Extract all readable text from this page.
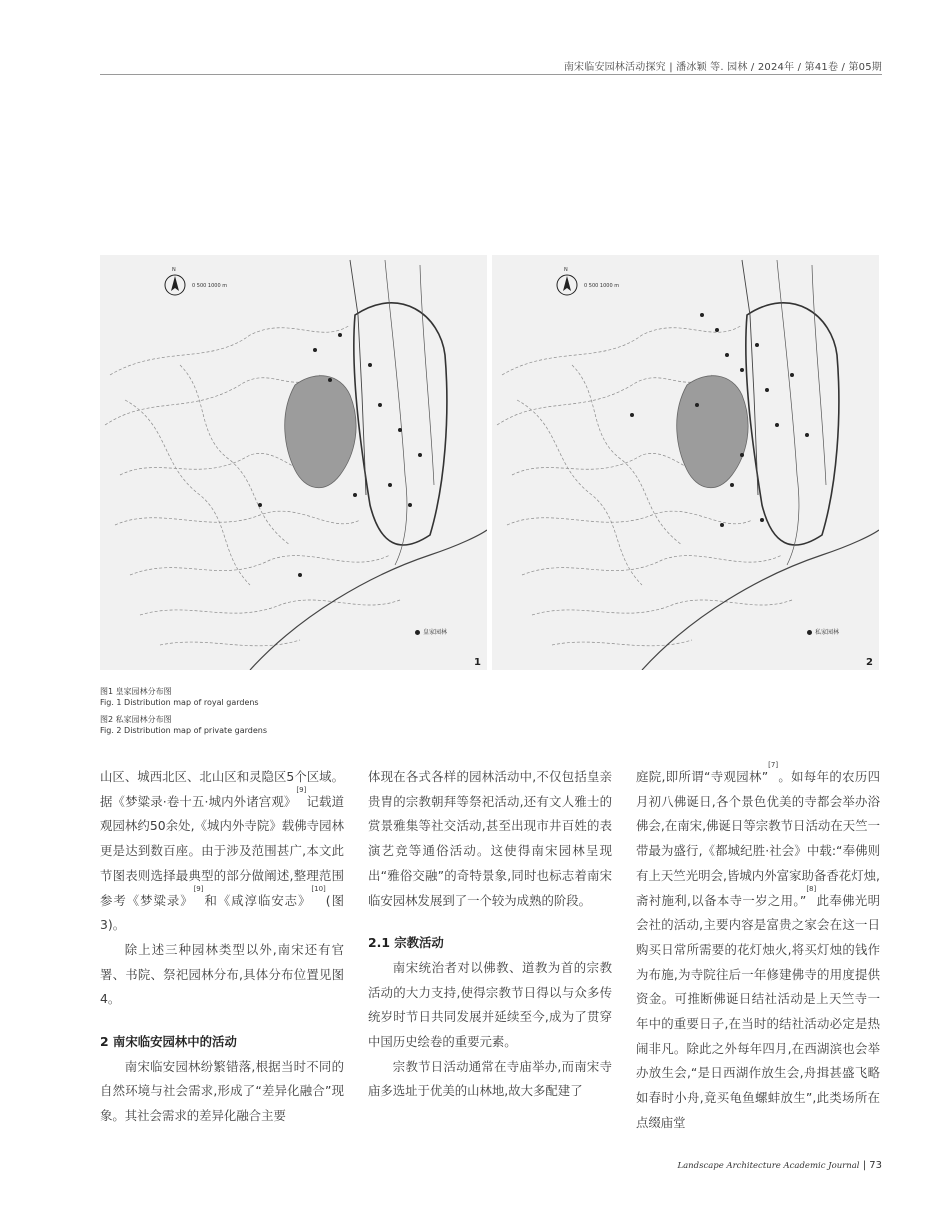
南宋临安园林活动探究 | 潘冰颖 等. 园林 / 2024年 / 第41卷 / 第05期
0 500 1000 m
N
皇家园林
1
0 500 1000 m
N
私家园林
2
图1 皇家园林分布图
Fig. 1 Distribution map of royal gardens
图2 私家园林分布图
Fig. 2 Distribution map of private gardens

山区、城西北区、北山区和灵隐区5个区域。据《梦粱录·卷十五·城内外诸宫观》[9]记载道观园林约50余处,《城内外寺院》载佛寺园林更是达到数百座。由于涉及范围甚广,本文此节图表则选择最典型的部分做阐述,整理范围参考《梦粱录》[9]和《咸淳临安志》[10](图3)。

除上述三种园林类型以外,南宋还有官署、书院、祭祀园林分布,具体分布位置见图4。

2 南宋临安园林中的活动

南宋临安园林纷繁错落,根据当时不同的自然环境与社会需求,形成了“差异化融合”现象。其社会需求的差异化融合主要

体现在各式各样的园林活动中,不仅包括皇亲贵胄的宗教朝拜等祭祀活动,还有文人雅士的赏景雅集等社交活动,甚至出现市井百姓的表演艺竞等通俗活动。这使得南宋园林呈现出“雅俗交融”的奇特景象,同时也标志着南宋临安园林发展到了一个较为成熟的阶段。

2.1 宗教活动

南宋统治者对以佛教、道教为首的宗教活动的大力支持,使得宗教节日得以与众多传统岁时节日共同发展并延续至今,成为了贯穿中国历史绘卷的重要元素。

宗教节日活动通常在寺庙举办,而南宋寺庙多选址于优美的山林地,故大多配建了

庭院,即所谓“寺观园林”[7]。如每年的农历四月初八佛诞日,各个景色优美的寺都会举办浴佛会,在南宋,佛诞日等宗教节日活动在天竺一带最为盛行,《都城纪胜·社会》中载:“奉佛则有上天竺光明会,皆城内外富家助备香花灯烛,斋衬施利,以备本寺一岁之用。”[8]此奉佛光明会社的活动,主要内容是富贵之家会在这一日购买日常所需要的花灯烛火,将买灯烛的钱作为布施,为寺院往后一年修建佛寺的用度提供资金。可推断佛诞日结社活动是上天竺寺一年中的重要日子,在当时的结社活动必定是热闹非凡。除此之外每年四月,在西湖滨也会举办放生会,“是日西湖作放生会,舟揖甚盛飞略如春时小舟,竟买龟鱼螺蚌放生”,此类场所在点缀庙堂

Landscape Architecture Academic Journal | 73
